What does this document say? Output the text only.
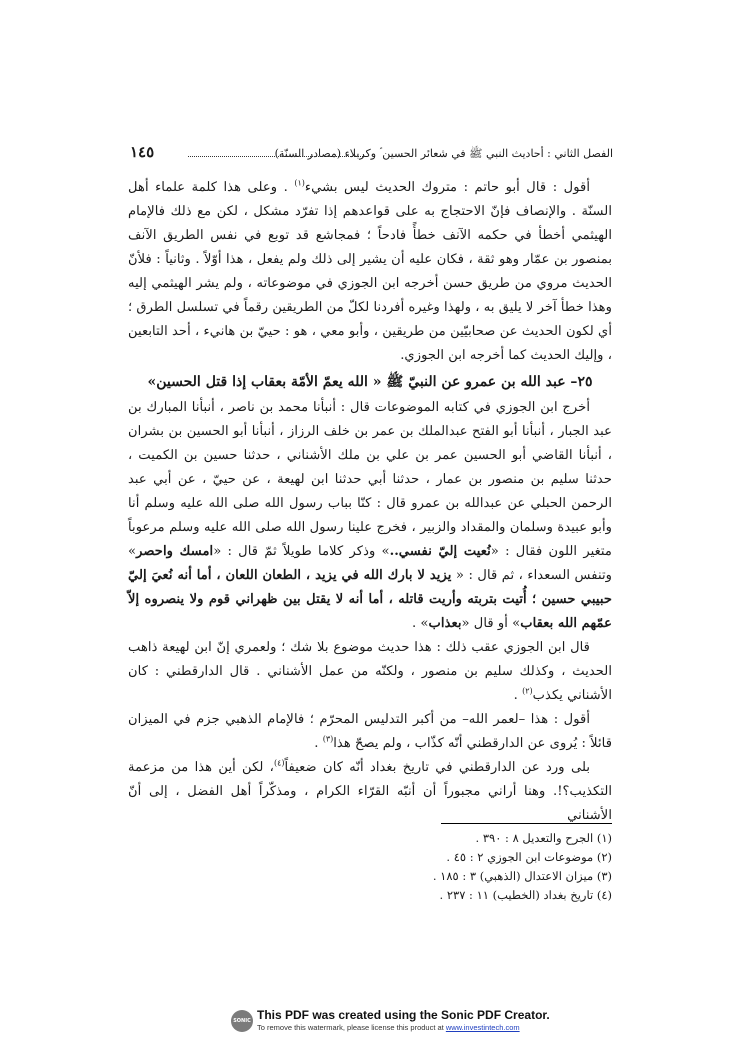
الفصل الثاني : أحاديث النبي ﷺ في شعائر الحسين ؑ وكربلاء (مصادر السنّة)
١٤٥

أقول : قال أبو حاتم : متروك الحديث ليس بشيء$^{(١)}$ . وعلى هذا كلمة علماء أهل السنّة . والإنصاف فإنّ الاحتجاج به على قواعدهم إذا تفرّد مشكل ، لكن مع ذلك فالإمام الهيثمي أخطأ في حكمه الآنف خطأً فادحاً ؛ فمجاشع قد توبع في نفس الطريق الآنف بمنصور بن عمّار وهو ثقة ، فكان عليه أن يشير إلى ذلك ولم يفعل ، هذا أوّلاً . وثانياً : فلأنّ الحديث مروي من طريق حسن أخرجه ابن الجوزي في موضوعاته ، ولم يشر الهيثمي إليه وهذا خطأ آخر لا يليق به ، ولهذا وغيره أفردنا لكلّ من الطريقين رقماً في تسلسل الطرق ؛ أي لكون الحديث عن صحابيّين من طريقين ، وأبو معي ، هو : حييّ بن هانيء ، أحد التابعين ، وإليك الحديث كما أخرجه ابن الجوزي.

٢٥– عبد الله بن عمرو عن النبيّ ﷺ « الله يعمّ الأمّة بعقاب إذا قتل الحسين»

أخرج ابن الجوزي في كتابه الموضوعات قال : أنبأنا محمد بن ناصر ، أنبأنا المبارك بن عبد الجبار ، أنبأنا أبو الفتح عبدالملك بن عمر بن خلف الرزاز ، أنبأنا أبو الحسين بن بشران ، أنبأنا القاضي أبو الحسين عمر بن علي بن ملك الأشناني ، حدثنا حسين بن الكميت ، حدثنا سليم بن منصور بن عمار ، حدثنا أبي حدثنا ابن لهيعة ، عن حييّ ، عن أبي عبد الرحمن الحبلي عن عبدالله بن عمرو قال : كنّا بباب رسول الله صلى الله عليه وسلم أنا وأبو عبيدة وسلمان والمقداد والزبير ، فخرج علينا رسول الله صلى الله عليه وسلم مرعوباً متغير اللون فقال : «نُعيت إليّ نفسي..» وذكر كلاما طويلاً ثمّ قال : «امسك واحصر» وتنفس السعداء ، ثم قال : « يزيد لا بارك الله في يزيد ، الطعان اللعان ، أما أنه نُعيَ إليّ حبيبي حسين ؛ أُتيت بتربته وأريت قاتله ، أما أنه لا يقتل بين ظهراني قوم ولا ينصروه إلاّ عمّهم الله بعقاب» أو قال «بعذاب» .

قال ابن الجوزي عقب ذلك : هذا حديث موضوع بلا شك ؛ ولعمري إنّ ابن لهيعة ذاهب الحديث ، وكذلك سليم بن منصور ، ولكنّه من عمل الأشناني . قال الدارقطني : كان الأشناني يكذب$^{(٢)}$ .

أقول : هذا –لعمر الله– من أكبر التدليس المحرّم ؛ فالإمام الذهبي جزم في الميزان قائلاً : يُروى عن الدارقطني أنّه كذّاب ، ولم يصحّ هذا$^{(٣)}$ .

بلى ورد عن الدارقطني في تاريخ بغداد أنّه كان ضعيفاً$^{(٤)}$، لكن أين هذا من مزعمة التكذيب؟!. وهنا أراني مجبوراً أن أنبّه القرّاء الكرام ، ومذكّراً أهل الفضل ، إلى أنّ الأشناني

(١) الجرح والتعديل ٨ : ٣٩٠ .
(٢) موضوعات ابن الجوزي ٢ : ٤٥ .
(٣) ميزان الاعتدال (الذهبي) ٣ : ١٨٥ .
(٤) تاريخ بغداد (الخطيب) ١١ : ٢٣٧ .
SONIC PDF
This PDF was created using the Sonic PDF Creator.
To remove this watermark, please license this product at www.investintech.com
